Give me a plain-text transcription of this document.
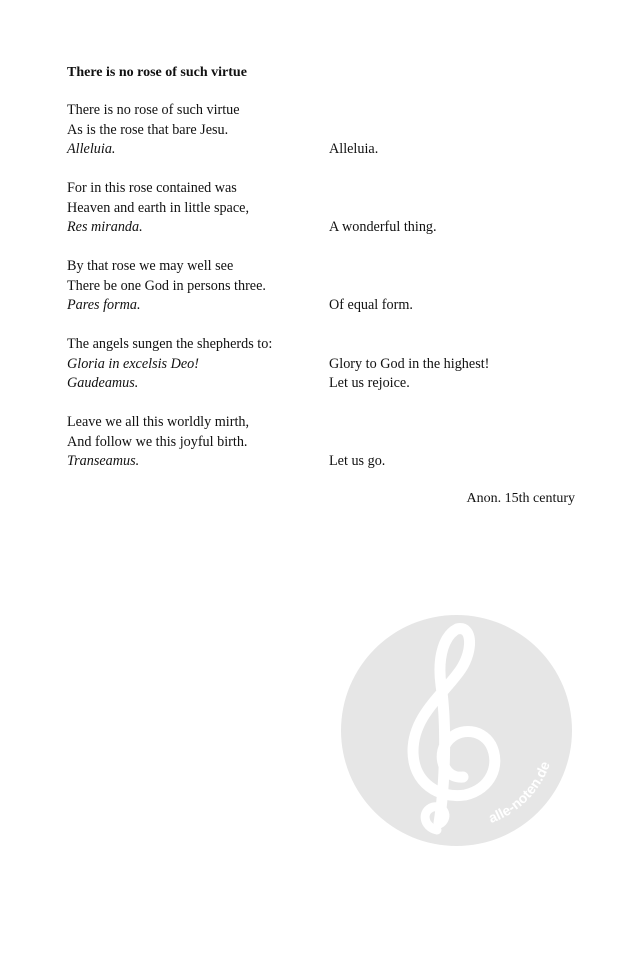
There is no rose of such virtue
There is no rose of such virtue
As is the rose that bare Jesu.
Alleluia.	Alleluia.
For in this rose contained was
Heaven and earth in little space,
Res miranda.	A wonderful thing.
By that rose we may well see
There be one God in persons three.
Pares forma.	Of equal form.
The angels sungen the shepherds to:
Gloria in excelsis Deo!	Glory to God in the highest!
Gaudeamus.	Let us rejoice.
Leave we all this worldly mirth,
And follow we this joyful birth.
Transeamus.	Let us go.
Anon. 15th century
alle-noten.de
